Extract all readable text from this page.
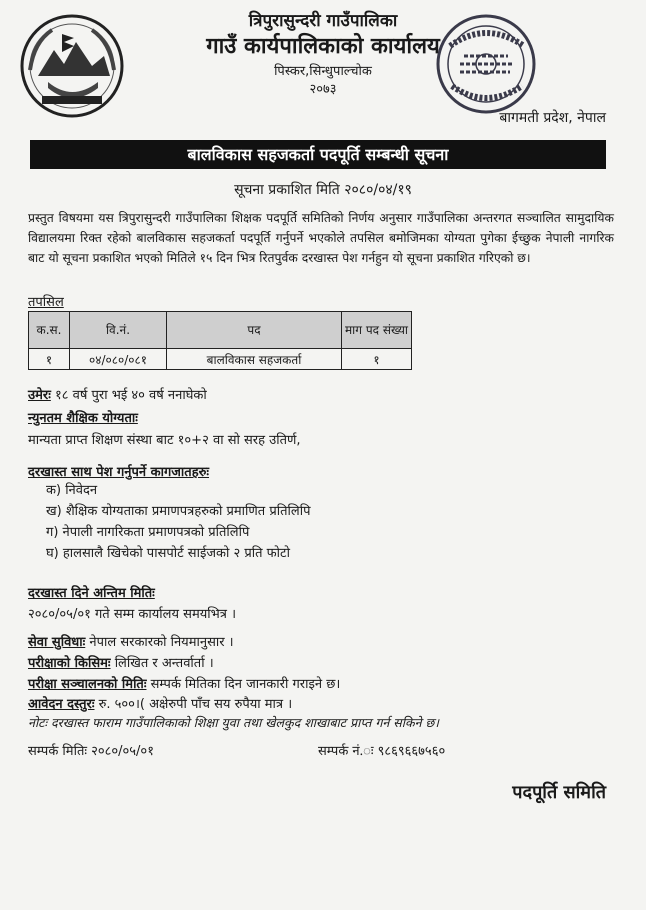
त्रिपुरासुन्दरी गाउँपालिका
गाउँ कार्यपालिकाको कार्यालय
पिस्कर,सिन्धुपाल्चोक
२०७३
बागमती प्रदेश, नेपाल
बालविकास सहजकर्ता पदपूर्ति सम्बन्धी सूचना
सूचना प्रकाशित मिति २०८०/०४/१९
प्रस्तुत विषयमा यस त्रिपुरासुन्दरी गाउँपालिका शिक्षक पदपूर्ति समितिको निर्णय अनुसार गाउँपालिका अन्तरगत सञ्चालित सामुदायिक विद्यालयमा रिक्त रहेको बालविकास सहजकर्ता पदपूर्ति गर्नुपर्ने भएकोले तपसिल बमोजिमका योग्यता पुगेका ईच्छुक नेपाली नागरिक बाट यो सूचना प्रकाशित भएको मितिले १५ दिन भित्र रितपुर्वक दरखास्त पेश गर्नहुन यो सूचना प्रकाशित गरिएको छ।
तपसिल
क.स.	वि.नं.	पद	माग पद संख्या
१	०४/०८०/०८१	बालविकास सहजकर्ता	१
उमेरः १८ वर्ष पुरा भई ४० वर्ष ननाघेको
न्युनतम शैक्षिक योग्यताः
मान्यता प्राप्त शिक्षण संस्था बाट १०+२ वा सो सरह उतिर्ण,
दरखास्त साथ पेश गर्नुपर्ने कागजातहरुः
क) निवेदन
ख) शैक्षिक योग्यताका प्रमाणपत्रहरुको प्रमाणित प्रतिलिपि
ग) नेपाली नागरिकता प्रमाणपत्रको प्रतिलिपि
घ) हालसालै खिचेको पासपोर्ट साईजको २ प्रति फोटो
दरखास्त दिने अन्तिम मितिः
२०८०/०५/०१ गते सम्म कार्यालय समयभित्र ।
सेवा सुविधाः नेपाल सरकारको नियमानुसार ।
परीक्षाको किसिमः लिखित र अन्तर्वार्ता ।
परीक्षा सञ्चालनको मितिः सम्पर्क मितिका दिन जानकारी गराइने छ।
आवेदन दस्तुरः रु. ५००।( अक्षेरुपी पाँच सय रुपैया मात्र ।
नोटः दरखास्त फाराम गाउँपालिकाको शिक्षा युवा तथा खेलकुद शाखाबाट प्राप्त गर्न सकिने छ।
सम्पर्क मितिः २०८०/०५/०१	सम्पर्क नं.ः ९८६९६६७५६०
पदपूर्ति समिति
